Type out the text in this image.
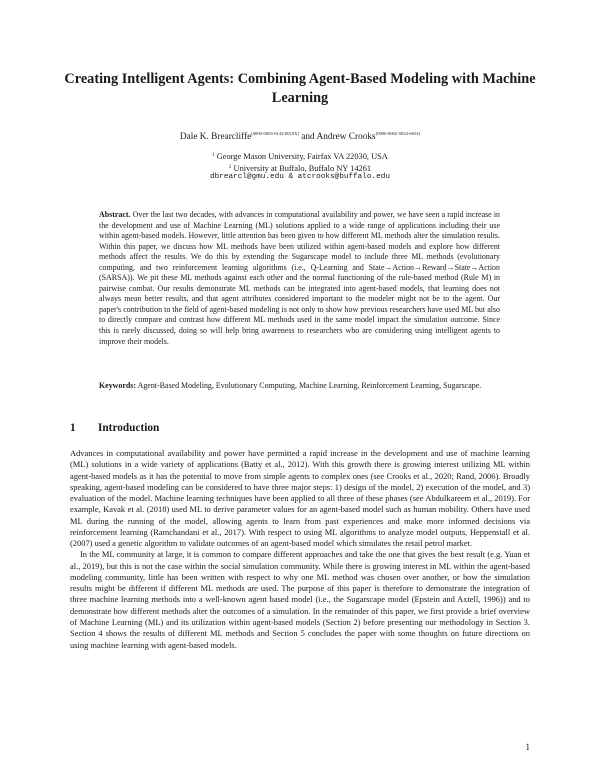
Creating Intelligent Agents: Combining Agent-Based Modeling with Machine Learning
Dale K. Brearcliffe[0000-0003-0142-0010X] and Andrew Crooks[0000-0002-5034-6654]
$^1$ George Mason University, Fairfax VA 22030, USA
$^2$ University at Buffalo, Buffalo NY 14261
dbrearcl@gmu.edu & atcrooks@buffalo.edu
Abstract. Over the last two decades, with advances in computational availability and power, we have seen a rapid increase in the development and use of Machine Learning (ML) solutions applied to a wide range of applications including their use within agent-based models. However, little attention has been given to how different ML methods alter the simulation results. Within this paper, we discuss how ML methods have been utilized within agent-based models and explore how different methods affect the results. We do this by extending the Sugarscape model to include three ML methods (evolutionary computing, and two reinforcement learning algorithms (i.e., Q-Learning and State→Action→Reward→State→Action (SARSA)). We pit these ML methods against each other and the normal functioning of the rule-based method (Rule M) in pairwise combat. Our results demonstrate ML methods can be integrated into agent-based models, that learning does not always mean better results, and that agent attributes considered important to the modeler might not be to the agent. Our paper's contribution to the field of agent-based modeling is not only to show how previous researchers have used ML but also to directly compare and contrast how different ML methods used in the same model impact the simulation outcome. Since this is rarely discussed, doing so will help bring awareness to researchers who are considering using intelligent agents to improve their models.
Keywords: Agent-Based Modeling, Evolutionary Computing, Machine Learning, Reinforcement Learning, Sugarscape.
1 Introduction

Advances in computational availability and power have permitted a rapid increase in the development and use of machine learning (ML) solutions in a wide variety of applications (Batty et al., 2012). With this growth there is growing interest utilizing ML within agent-based models as it has the potential to move from simple agents to complex ones (see Crooks et al., 2020; Rand, 2006). Broadly speaking, agent-based modeling can be considered to have three major steps: 1) design of the model, 2) execution of the model, and 3) evaluation of the model. Machine learning techniques have been applied to all three of these phases (see Abdulkareem et al., 2019). For example, Kavak et al. (2018) used ML to derive parameter values for an agent-based model such as human mobility. Others have used ML during the running of the model, allowing agents to learn from past experiences and make more informed decisions via reinforcement learning (Ramchandani et al., 2017). With respect to using ML algorithms to analyze model outputs, Heppenstall et al. (2007) used a genetic algorithm to validate outcomes of an agent-based model which simulates the retail petrol market.

In the ML community at large, it is common to compare different approaches and take the one that gives the best result (e.g. Yuan et al., 2019), but this is not the case within the social simulation community. While there is growing interest in ML within the agent-based modeling community, little has been written with respect to why one ML method was chosen over another, or how the simulation results might be different if different ML methods are used. The purpose of this paper is therefore to demonstrate the integration of three machine learning methods into a well-known agent based model (i.e., the Sugarscape model (Epstein and Axtell, 1996)) and to demonstrate how different methods alter the outcomes of a simulation. In the remainder of this paper, we first provide a brief overview of Machine Learning (ML) and its utilization within agent-based models (Section 2) before presenting our methodology in Section 3. Section 4 shows the results of different ML methods and Section 5 concludes the paper with some thoughts on future directions on using machine learning with agent-based models.

1
